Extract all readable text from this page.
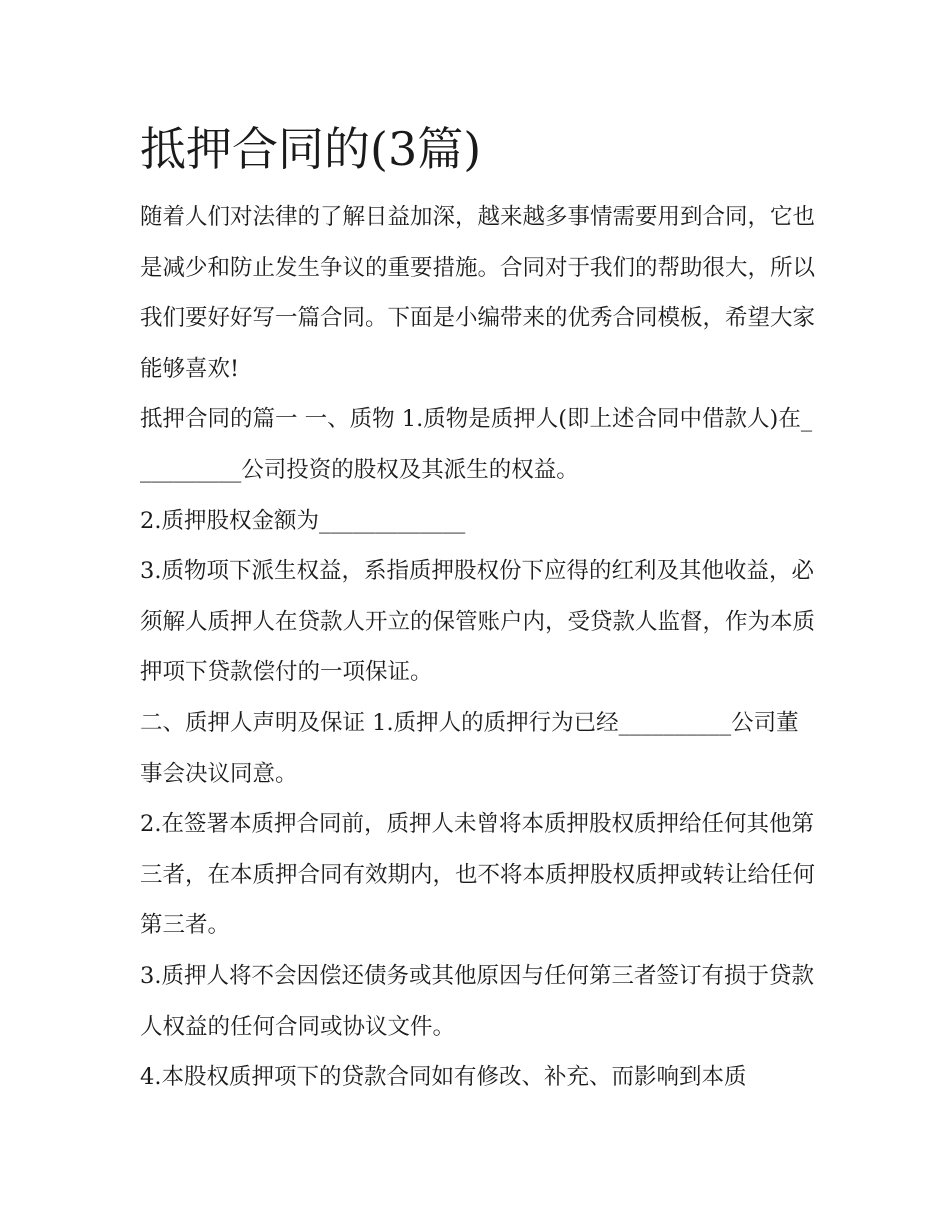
抵押合同的(3篇)

随着人们对法律的了解日益加深，越来越多事情需要用到合同，它也是减少和防止发生争议的重要措施。合同对于我们的帮助很大，所以我们要好好写一篇合同。下面是小编带来的优秀合同模板，希望大家能够喜欢!

抵押合同的篇一 一、质物 1.质物是质押人(即上述合同中借款人)在__________公司投资的股权及其派生的权益。

2.质押股权金额为_____________

3.质物项下派生权益，系指质押股权份下应得的红利及其他收益，必须解人质押人在贷款人开立的保管账户内，受贷款人监督，作为本质押项下贷款偿付的一项保证。

二、质押人声明及保证 1.质押人的质押行为已经__________公司董事会决议同意。

2.在签署本质押合同前，质押人未曾将本质押股权质押给任何其他第三者，在本质押合同有效期内，也不将本质押股权质押或转让给任何第三者。

3.质押人将不会因偿还债务或其他原因与任何第三者签订有损于贷款人权益的任何合同或协议文件。

4.本股权质押项下的贷款合同如有修改、补充、而影响到本质
